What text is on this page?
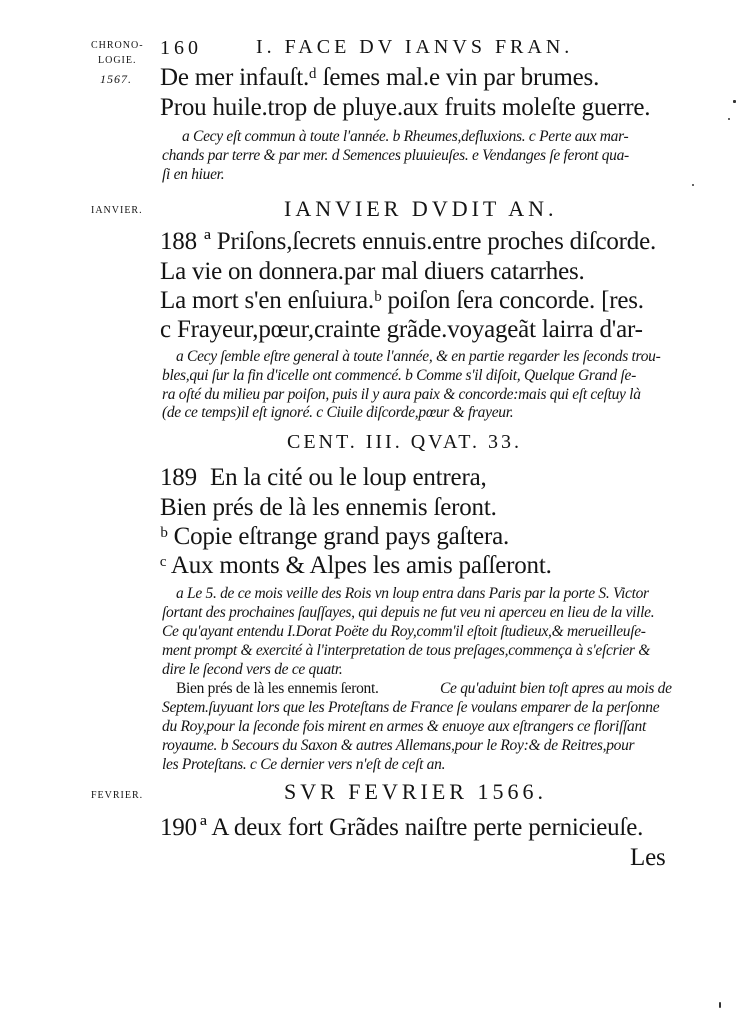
CHRONO-
LOGIE.
160	I. FACE DV IANVS FRAN.
1567. De mer infauſt.ᵈ ſemes mal.e vin par brumes.
Prou huile.trop de pluye.aux fruits moleſte guerre.
a Cecy eſt commun à toute l'année. b Rheumes,defluxions. c Perte aux mar-
chands par terre & par mer. d Semences pluuieuſes. e Vendanges ſe feront qua-
ſi en hiuer.
IANVIER.	IANVIER DVDIT AN.
188 ª Priſons,ſecrets ennuis.entre proches diſcorde.
La vie on donnera.par mal diuers catarrhes.
La mort s'en enſuiura.ᵇ poiſon ſera concorde. [res.
c Frayeur,pœur,crainte grãde.voyageãt lairra d'ar-
a Cecy ſemble eſtre general à toute l'année, & en partie regarder les ſeconds trou-
bles,qui ſur la fin d'icelle ont commencé. b Comme s'il diſoit, Quelque Grand ſe-
ra oſté du milieu par poiſon, puis il y aura paix & concorde:mais qui eſt ceſtuy là
(de ce temps)il eſt ignoré. c Ciuile diſcorde,pœur & frayeur.
CENT. III. QVAT. 33.
189 En la cité ou le loup entrera,
Bien prés de là les ennemis ſeront.
ᵇ Copie eſtrange grand pays gaſtera.
ᶜ Aux monts & Alpes les amis paſſeront.
a Le 5. de ce mois veille des Rois vn loup entra dans Paris par la porte S. Victor
ſortant des prochaines ſauſſayes, qui depuis ne fut veu ni aperceu en lieu de la ville.
Ce qu'ayant entendu I.Dorat Poëte du Roy,comm'il eſtoit ſtudieux,& merueilleuſe-
ment prompt & exercité à l'interpretation de tous preſages,commença à s'eſcrier &
dire le ſecond vers de ce quatr.
Bien prés de là les ennemis ſeront.	Ce qu'aduint bien toſt apres au mois de
Septem.ſuyuant lors que les Proteſtans de France ſe voulans emparer de la perſonne
du Roy,pour la ſeconde fois mirent en armes & enuoye aux eſtrangers ce floriſſant
royaume. b Secours du Saxon & autres Allemans,pour le Roy:& de Reitres,pour
les Proteſtans. c Ce dernier vers n'eſt de ceſt an.
FEVRIER.	SVR FEVRIER 1566.
190 ª A deux fort Grãdes naiſtre perte pernicieuſe.
Les
